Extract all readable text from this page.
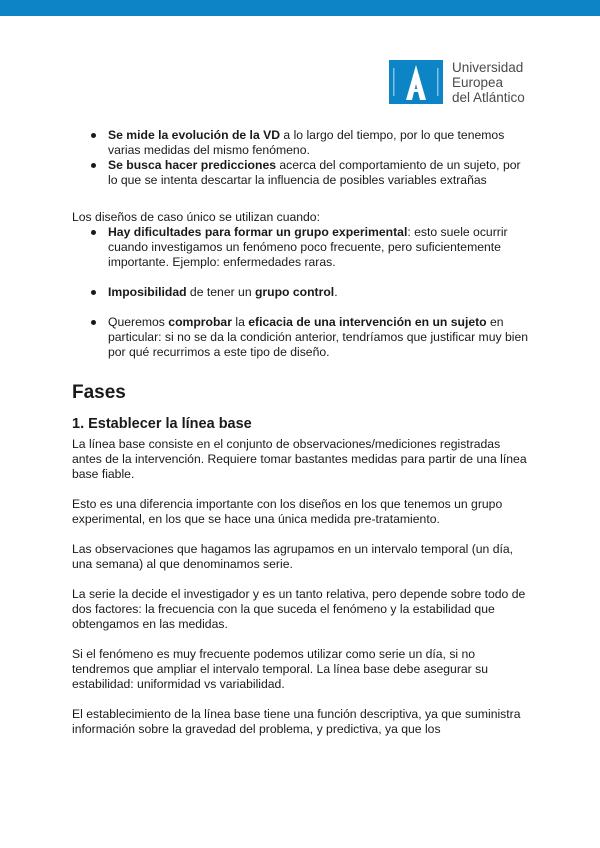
Universidad
Europea
del Atlántico
Se mide la evolución de la VD a lo largo del tiempo, por lo que tenemos varias medidas del mismo fenómeno.
Se busca hacer predicciones acerca del comportamiento de un sujeto, por lo que se intenta descartar la influencia de posibles variables extrañas

Los diseños de caso único se utilizan cuando:

Hay dificultades para formar un grupo experimental: esto suele ocurrir cuando investigamos un fenómeno poco frecuente, pero suficientemente importante. Ejemplo: enfermedades raras.
Imposibilidad de tener un grupo control.
Queremos comprobar la eficacia de una intervención en un sujeto en particular: si no se da la condición anterior, tendríamos que justificar muy bien por qué recurrimos a este tipo de diseño.
Fases
1. Establecer la línea base

La línea base consiste en el conjunto de observaciones/mediciones registradas antes de la intervención. Requiere tomar bastantes medidas para partir de una línea base fiable.

Esto es una diferencia importante con los diseños en los que tenemos un grupo experimental, en los que se hace una única medida pre-tratamiento.

Las observaciones que hagamos las agrupamos en un intervalo temporal (un día, una semana) al que denominamos serie.

La serie la decide el investigador y es un tanto relativa, pero depende sobre todo de dos factores: la frecuencia con la que suceda el fenómeno y la estabilidad que obtengamos en las medidas.

Si el fenómeno es muy frecuente podemos utilizar como serie un día, si no tendremos que ampliar el intervalo temporal. La línea base debe asegurar su estabilidad: uniformidad vs variabilidad.

El establecimiento de la línea base tiene una función descriptiva, ya que suministra información sobre la gravedad del problema, y predictiva, ya que los
